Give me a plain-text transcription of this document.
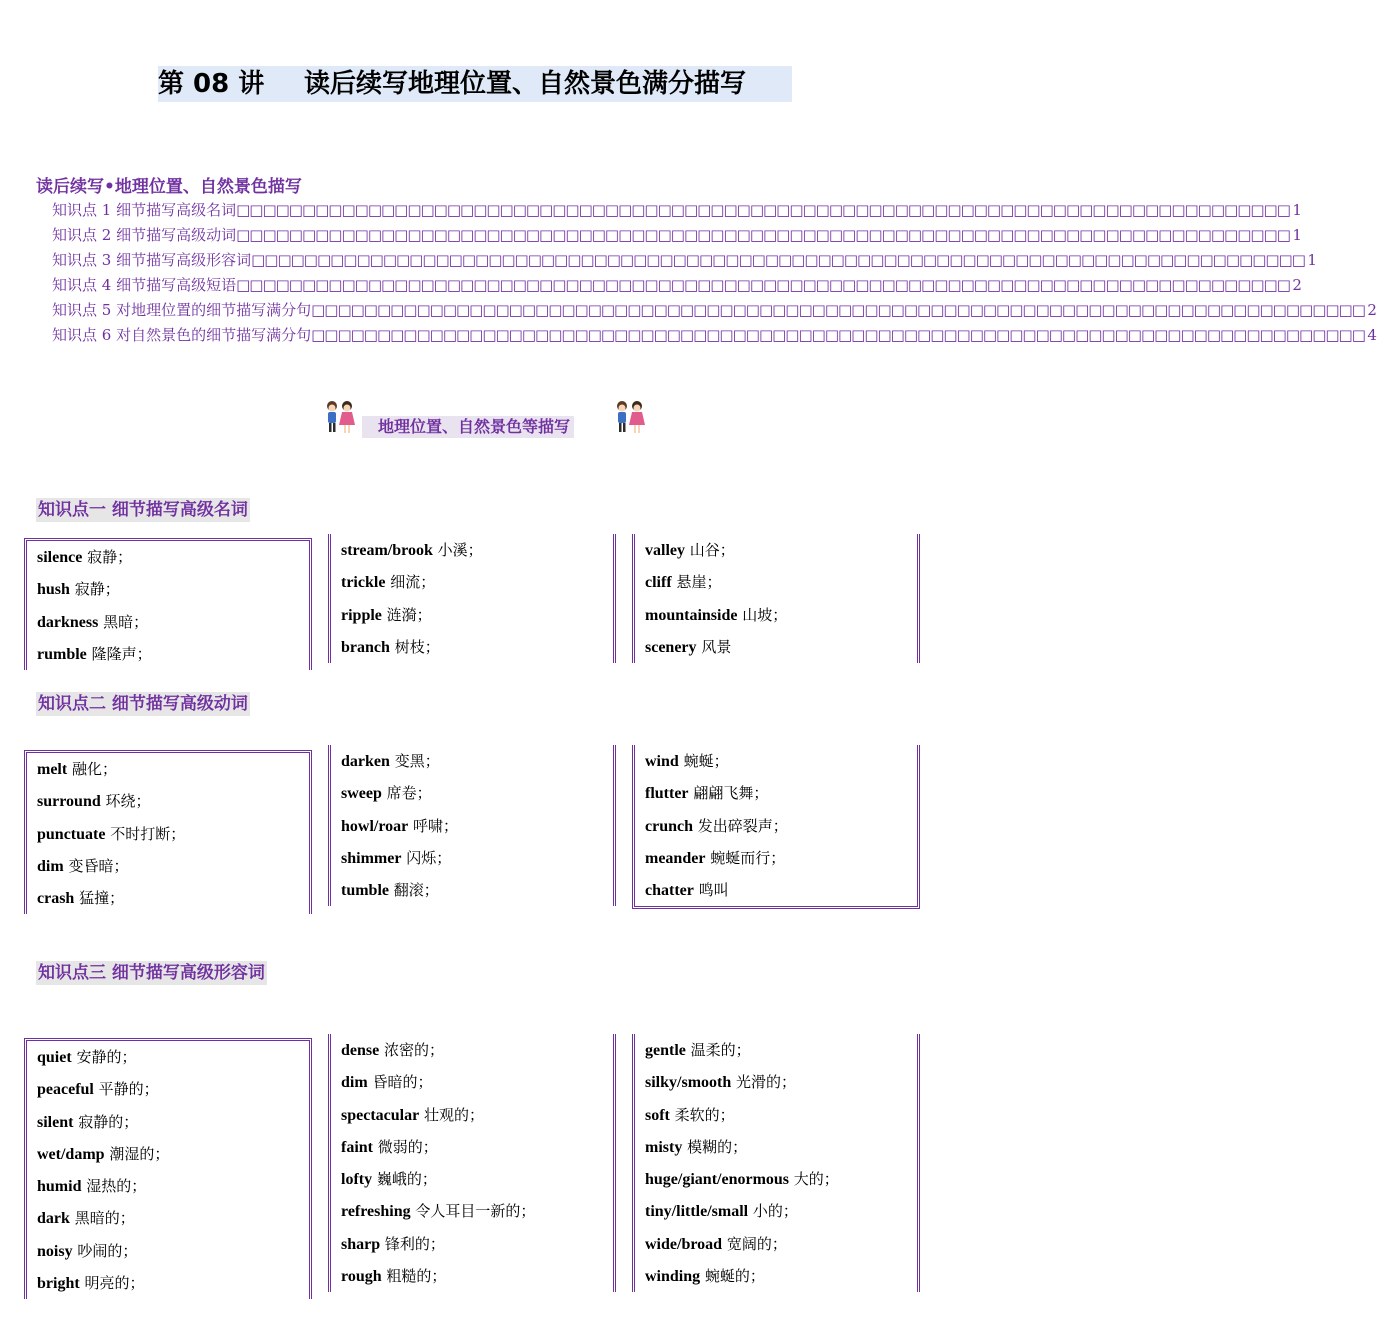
第 08 讲 读后续写地理位置、自然景色满分描写
读后续写•地理位置、自然景色描写
知识点 1 细节描写高级名词 □□□□□□□□□□□□□□□□□□□□□□□□□□□□□□□□□□□□□□□□□□□□□□□□□□□□□□□□□□□□□□□□□□□□□□□□□□□□□□□□ 1
知识点 2 细节描写高级动词 □□□□□□□□□□□□□□□□□□□□□□□□□□□□□□□□□□□□□□□□□□□□□□□□□□□□□□□□□□□□□□□□□□□□□□□□□□□□□□□□ 1
知识点 3 细节描写高级形容词 □□□□□□□□□□□□□□□□□□□□□□□□□□□□□□□□□□□□□□□□□□□□□□□□□□□□□□□□□□□□□□□□□□□□□□□□□□□□□□□□ 1
知识点 4 细节描写高级短语 □□□□□□□□□□□□□□□□□□□□□□□□□□□□□□□□□□□□□□□□□□□□□□□□□□□□□□□□□□□□□□□□□□□□□□□□□□□□□□□□ 2
知识点 5 对地理位置的细节描写满分句 □□□□□□□□□□□□□□□□□□□□□□□□□□□□□□□□□□□□□□□□□□□□□□□□□□□□□□□□□□□□□□□□□□□□□□□□□□□□□□□□ 2
知识点 6 对自然景色的细节描写满分句 □□□□□□□□□□□□□□□□□□□□□□□□□□□□□□□□□□□□□□□□□□□□□□□□□□□□□□□□□□□□□□□□□□□□□□□□□□□□□□□□ 4
地理位置、自然景色等描写
知识点一 细节描写高级名词
silence 寂静；
hush 寂静；
darkness 黑暗；
rumble 隆隆声；
stream/brook 小溪；
trickle 细流；
ripple 涟漪；
branch 树枝；
valley 山谷；
cliff 悬崖；
mountainside 山坡；
scenery 风景
知识点二 细节描写高级动词
melt 融化；
surround 环绕；
punctuate 不时打断；
dim 变昏暗；
crash 猛撞；
darken 变黑；
sweep 席卷；
howl/roar 呼啸；
shimmer 闪烁；
tumble 翻滚；
wind 蜿蜒；
flutter 翩翩飞舞；
crunch 发出碎裂声；
meander 蜿蜒而行；
chatter 鸣叫
知识点三 细节描写高级形容词
quiet 安静的；
peaceful 平静的；
silent 寂静的；
wet/damp 潮湿的；
humid 湿热的；
dark 黑暗的；
noisy 吵闹的；
bright 明亮的；
dense 浓密的；
dim 昏暗的；
spectacular 壮观的；
faint 微弱的；
lofty 巍峨的；
refreshing 令人耳目一新的；
sharp 锋利的；
rough 粗糙的；
gentle 温柔的；
silky/smooth 光滑的；
soft 柔软的；
misty 模糊的；
huge/giant/enormous 大的；
tiny/little/small 小的；
wide/broad 宽阔的；
winding 蜿蜒的；
